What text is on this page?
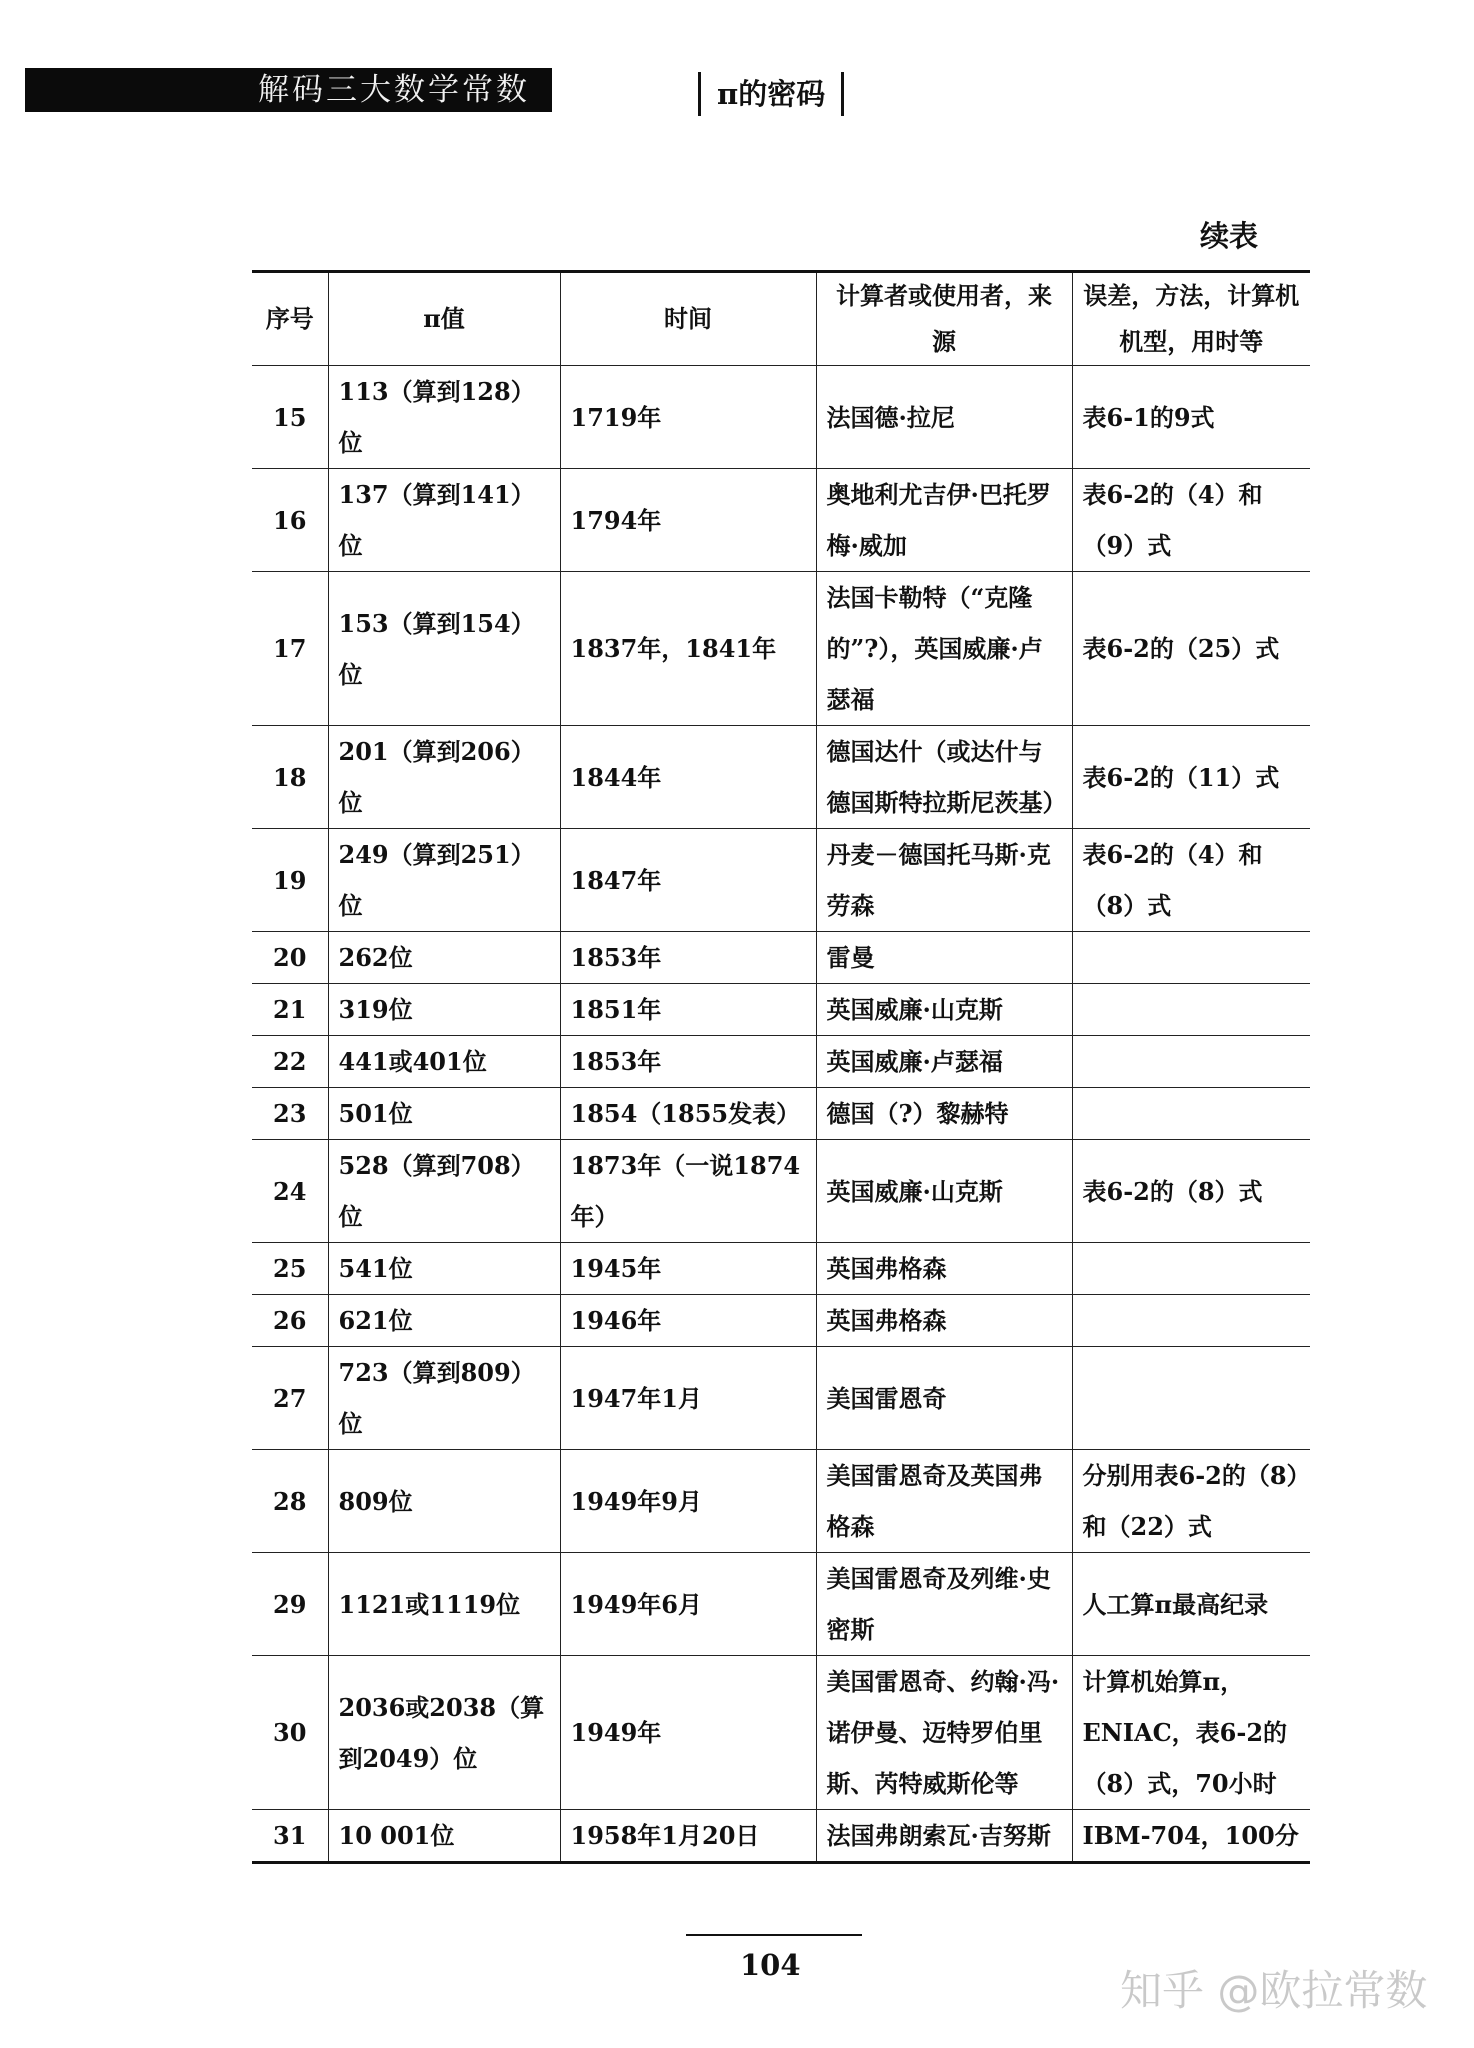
解码三大数学常数	π的密码
续表
序号	π值	时间	计算者或使用者，来源	误差，方法，计算机机型，用时等
15	113（算到128）位	1719年	法国德·拉尼	表6-1的9式
16	137（算到141）位	1794年	奥地利尤吉伊·巴托罗梅·威加	表6-2的（4）和（9）式
17	153（算到154）位	1837年，1841年	法国卡勒特（“克隆的”?），英国威廉·卢瑟福	表6-2的（25）式
18	201（算到206）位	1844年	德国达什（或达什与德国斯特拉斯尼茨基）	表6-2的（11）式
19	249（算到251）位	1847年	丹麦－德国托马斯·克劳森	表6-2的（4）和（8）式
20	262位	1853年	雷曼	
21	319位	1851年	英国威廉·山克斯	
22	441或401位	1853年	英国威廉·卢瑟福	
23	501位	1854（1855发表）	德国（?）黎赫特	
24	528（算到708）位	1873年（一说1874年）	英国威廉·山克斯	表6-2的（8）式
25	541位	1945年	英国弗格森	
26	621位	1946年	英国弗格森	
27	723（算到809）位	1947年1月	美国雷恩奇	
28	809位	1949年9月	美国雷恩奇及英国弗格森	分别用表6-2的（8）和（22）式
29	1121或1119位	1949年6月	美国雷恩奇及列维·史密斯	人工算π最高纪录
30	2036或2038（算到2049）位	1949年	美国雷恩奇、约翰·冯·诺伊曼、迈特罗伯里斯、芮特威斯伦等	计算机始算π，ENIAC，表6-2的（8）式，70小时
31	10 001位	1958年1月20日	法国弗朗索瓦·吉努斯	IBM-704，100分
104
知乎 @欧拉常数
